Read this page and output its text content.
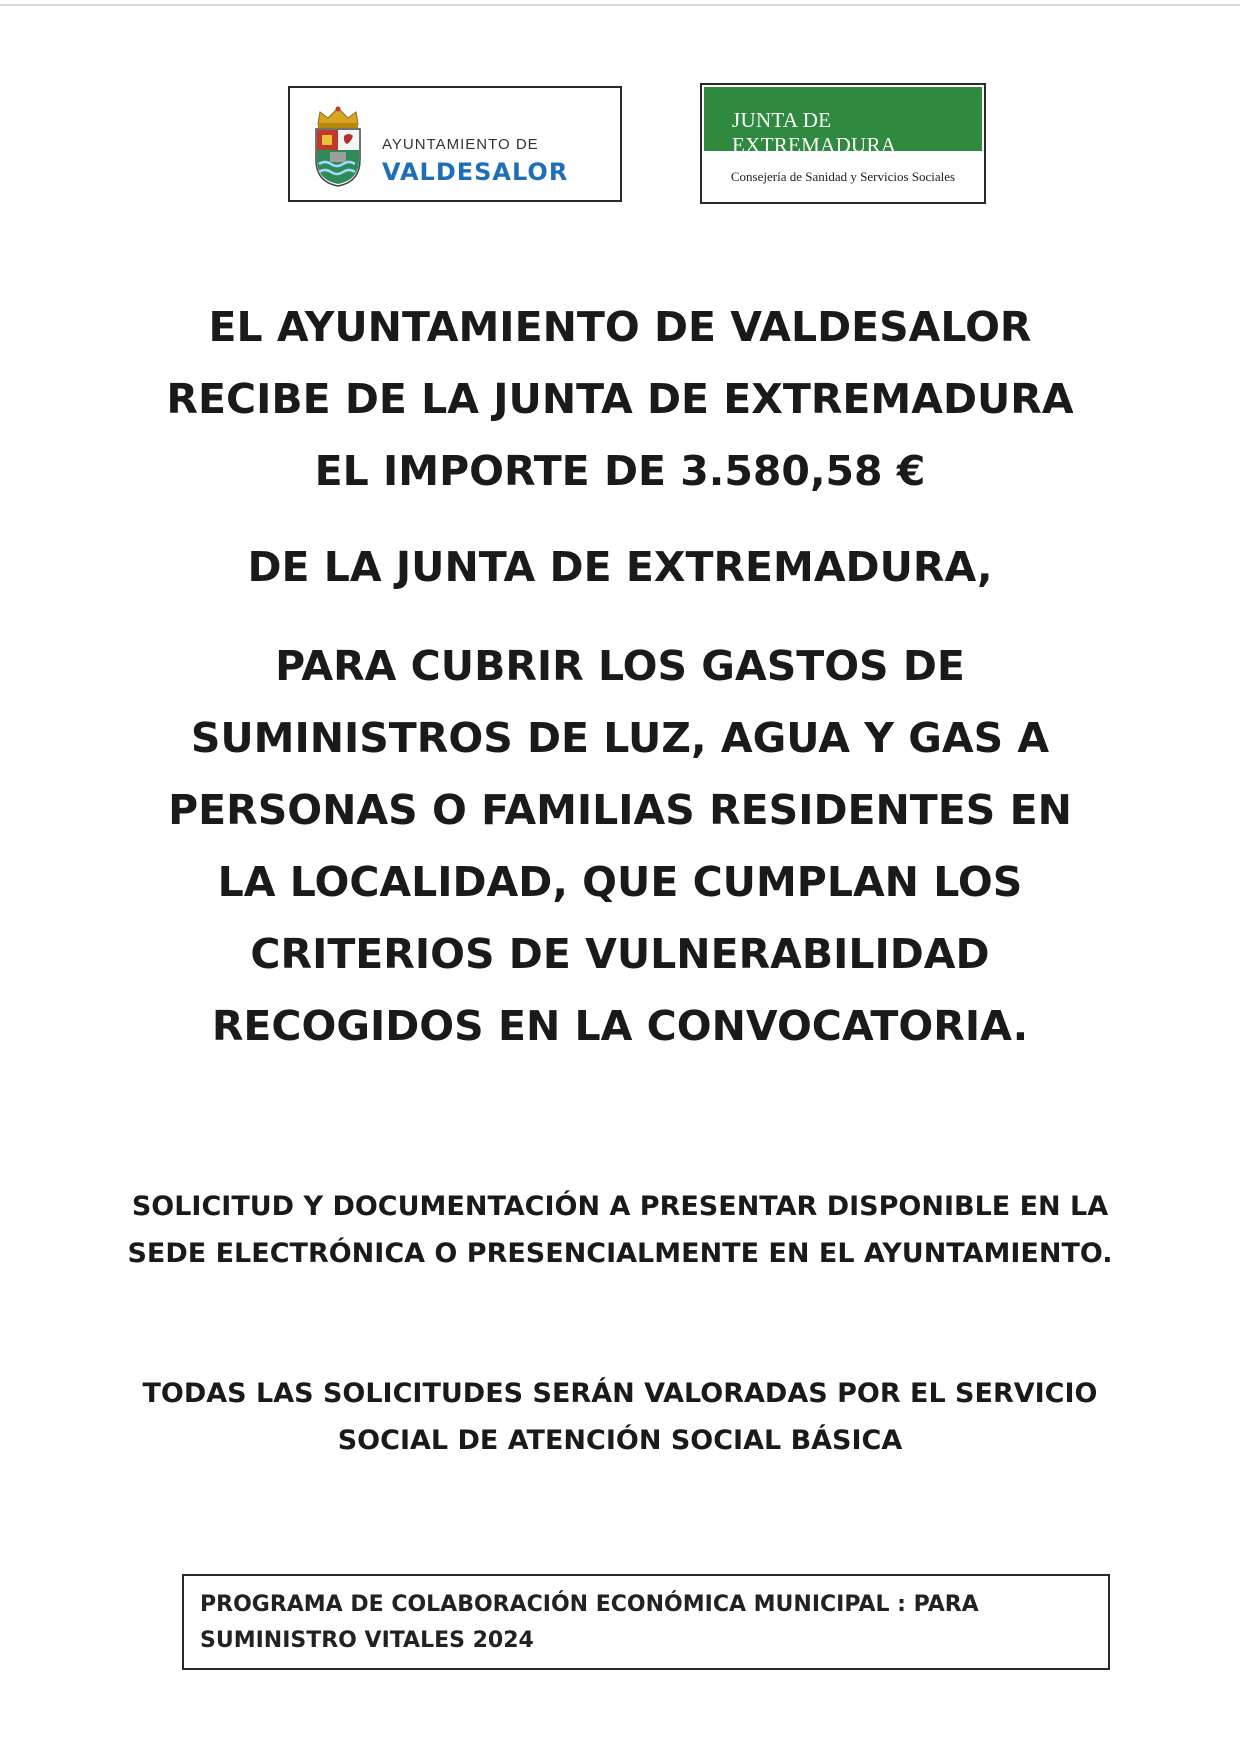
AYUNTAMIENTO DE
VALDESALOR
JUNTA DE EXTREMADURA
Consejería de Sanidad y Servicios Sociales
EL AYUNTAMIENTO DE VALDESALOR
RECIBE DE LA JUNTA DE EXTREMADURA
EL IMPORTE DE 3.580,58 €
DE LA JUNTA DE EXTREMADURA,
PARA CUBRIR LOS GASTOS DE
SUMINISTROS DE LUZ, AGUA Y GAS A
PERSONAS O FAMILIAS RESIDENTES EN
LA LOCALIDAD, QUE CUMPLAN LOS
CRITERIOS DE VULNERABILIDAD
RECOGIDOS EN LA CONVOCATORIA.
SOLICITUD Y DOCUMENTACIÓN A PRESENTAR DISPONIBLE EN LA
SEDE ELECTRÓNICA O PRESENCIALMENTE EN EL AYUNTAMIENTO.
TODAS LAS SOLICITUDES SERÁN VALORADAS POR EL SERVICIO
SOCIAL DE ATENCIÓN SOCIAL BÁSICA
PROGRAMA DE COLABORACIÓN ECONÓMICA MUNICIPAL : PARA
SUMINISTRO VITALES 2024
